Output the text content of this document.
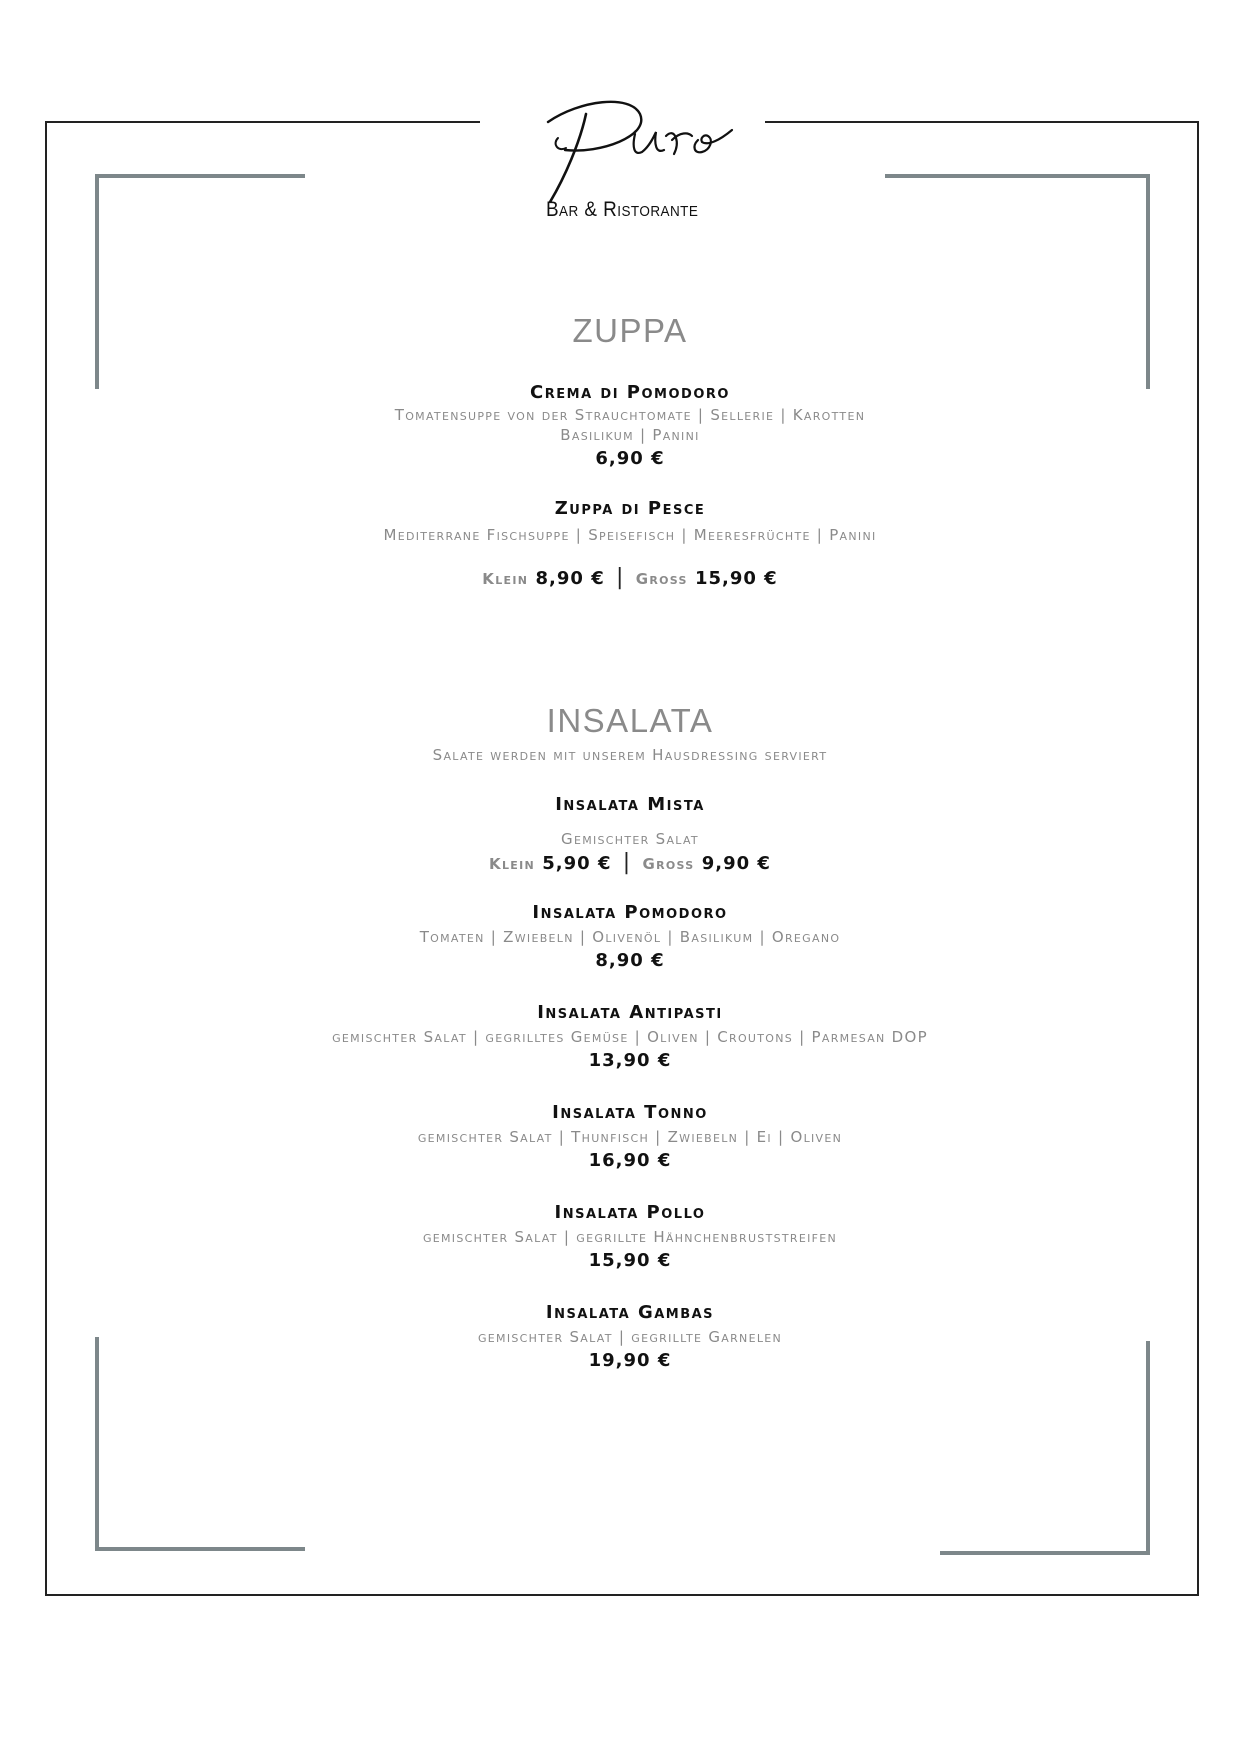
Bar & Ristorante
ZUPPA
Crema di Pomodoro
Tomatensuppe von der Strauchtomate | Sellerie | Karotten
Basilikum | Panini
6,90 €
Zuppa di Pesce
Mediterrane Fischsuppe | Speisefisch | Meeresfrüchte | Panini
Klein 8,90 € | Gross 15,90 €
INSALATA
Salate werden mit unserem Hausdressing serviert
Insalata Mista
Gemischter Salat
Klein 5,90 € | Gross 9,90 €
Insalata Pomodoro
Tomaten | Zwiebeln | Olivenöl | Basilikum | Oregano
8,90 €
Insalata Antipasti
gemischter Salat | gegrilltes Gemüse | Oliven | Croutons | Parmesan DOP
13,90 €
Insalata Tonno
gemischter Salat | Thunfisch | Zwiebeln | Ei | Oliven
16,90 €
Insalata Pollo
gemischter Salat | gegrillte Hähnchenbruststreifen
15,90 €
Insalata Gambas
gemischter Salat | gegrillte Garnelen
19,90 €
